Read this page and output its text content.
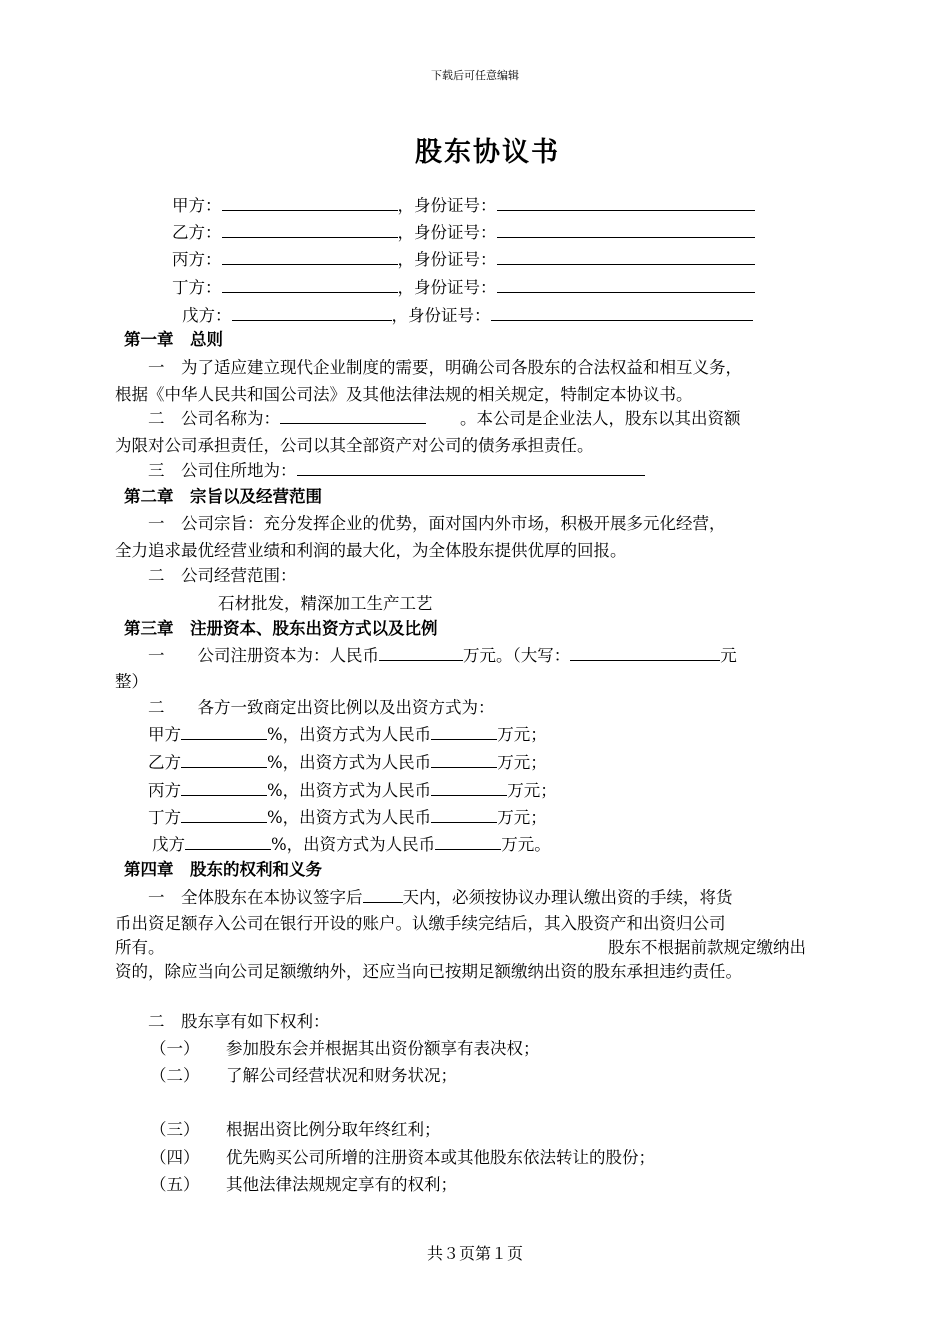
下载后可任意编辑
股东协议书
甲方：	，身份证号：
乙方：	，身份证号：
丙方：	，身份证号：
丁方：	，身份证号：
戊方：	，身份证号：
第一章　总则
一　为了适应建立现代企业制度的需要，明确公司各股东的合法权益和相互义务，
根据《中华人民共和国公司法》及其他法律法规的相关规定，特制定本协议书。
二　公司名称为：	。本公司是企业法人，股东以其出资额
为限对公司承担责任，公司以其全部资产对公司的债务承担责任。
三　公司住所地为：
第二章　宗旨以及经营范围
一　公司宗旨：充分发挥企业的优势，面对国内外市场，积极开展多元化经营，
全力追求最优经营业绩和利润的最大化，为全体股东提供优厚的回报。
二　公司经营范围：
石材批发，精深加工生产工艺
第三章　注册资本、股东出资方式以及比例
一　　公司注册资本为：人民币	万元。（大写：	元
整）
二　　各方一致商定出资比例以及出资方式为：
甲方	%，出资方式为人民币	万元；
乙方	%，出资方式为人民币	万元；
丙方	%，出资方式为人民币	万元；
丁方	%，出资方式为人民币	万元；
戊方	%，出资方式为人民币	万元。
第四章　股东的权利和义务
一　全体股东在本协议签字后 天内，必须按协议办理认缴出资的手续，将货
币出资足额存入公司在银行开设的账户。认缴手续完结后，其入股资产和出资归公司
所有。	股东不根据前款规定缴纳出
资的，除应当向公司足额缴纳外，还应当向已按期足额缴纳出资的股东承担违约责任。
二　股东享有如下权利：
（一） 参加股东会并根据其出资份额享有表决权；
（二） 了解公司经营状况和财务状况；
（三） 根据出资比例分取年终红利；
（四） 优先购买公司所增的注册资本或其他股东依法转让的股份；
（五） 其他法律法规规定享有的权利；
共３页第１页
